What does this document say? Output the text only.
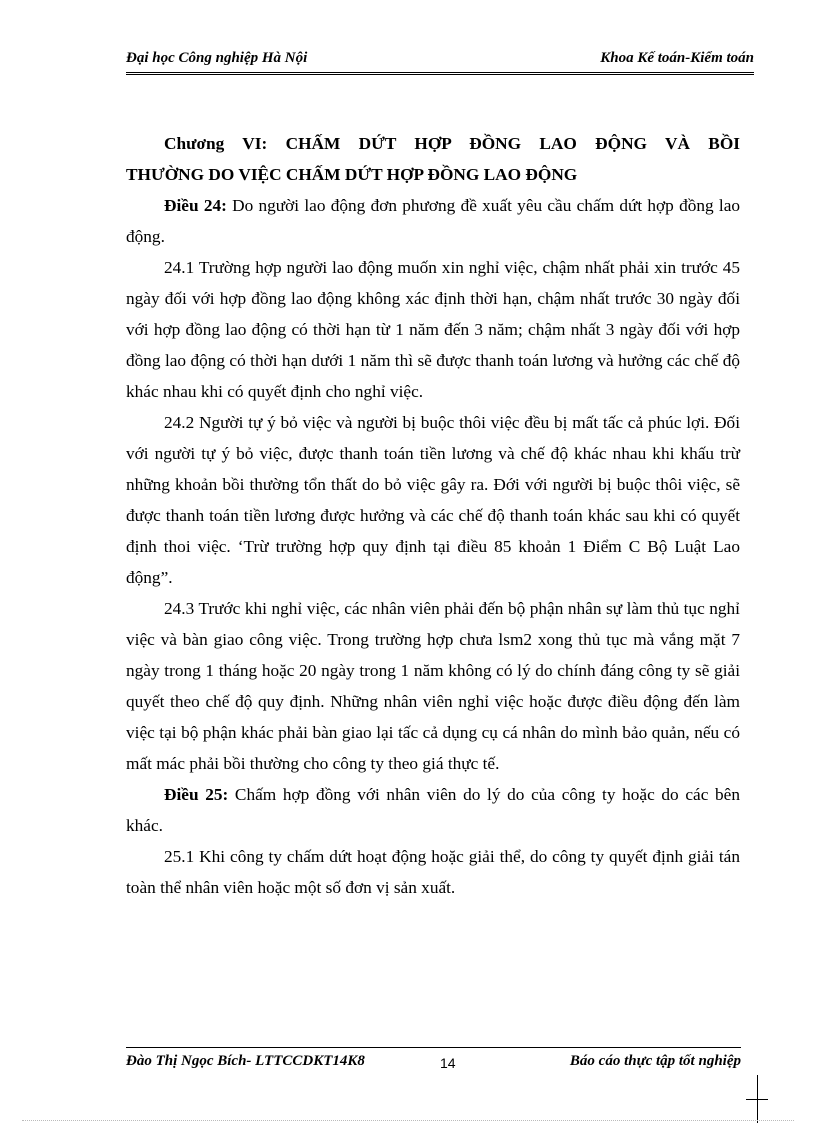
Đại học Công nghiệp Hà Nội	Khoa Kế toán-Kiểm toán

Chương VI: CHẤM DỨT HỢP ĐỒNG LAO ĐỘNG VÀ BỒI
THƯỜNG DO VIỆC CHẤM DỨT HỢP ĐỒNG LAO ĐỘNG

Điều 24: Do người lao động đơn phương đề xuất yêu cầu chấm dứt hợp đồng lao động.

24.1 Trường hợp người lao động muốn xin nghỉ việc, chậm nhất phải xin trước 45 ngày đối với hợp đồng lao động không xác định thời hạn, chậm nhất trước 30 ngày đối với hợp đồng lao động có thời hạn từ 1 năm đến 3 năm; chậm nhất 3 ngày đối với hợp đồng lao động có thời hạn dưới 1 năm thì sẽ được thanh toán lương và hưởng các chế độ khác nhau khi có quyết định cho nghỉ việc.

24.2 Người tự ý bỏ việc và người bị buộc thôi việc đều bị mất tấc cả phúc lợi. Đối với người tự ý bỏ việc, được thanh toán tiền lương và chế độ khác nhau khi khấu trừ những khoản bồi thường tổn thất do bỏ việc gây ra. Đới với người bị buộc thôi việc, sẽ được thanh toán tiền lương được hưởng và các chế độ thanh toán khác sau khi có quyết định thoi việc. ‘Trừ trường hợp quy định tại điều 85 khoản 1 Điểm C Bộ Luật Lao động”.

24.3 Trước khi nghỉ việc, các nhân viên phải đến bộ phận nhân sự làm thủ tục nghỉ việc và bàn giao công việc. Trong trường hợp chưa lsm2 xong thủ tục mà vắng mặt 7 ngày trong 1 tháng hoặc 20 ngày trong 1 năm không có lý do chính đáng công ty sẽ giải quyết theo chế độ quy định. Những nhân viên nghỉ việc hoặc được điều động đến làm việc tại bộ phận khác phải bàn giao lại tấc cả dụng cụ cá nhân do mình bảo quản, nếu có mất mác phải bồi thường cho công ty theo giá thực tế.

Điều 25: Chấm hợp đồng với nhân viên do lý do của công ty hoặc do các bên khác.

25.1 Khi công ty chấm dứt hoạt động hoặc giải thể, do công ty quyết định giải tán toàn thể nhân viên hoặc một số đơn vị sản xuất.

Đào Thị Ngọc Bích- LTTCCDKT14K8	14	Báo cáo thực tập tốt nghiệp
